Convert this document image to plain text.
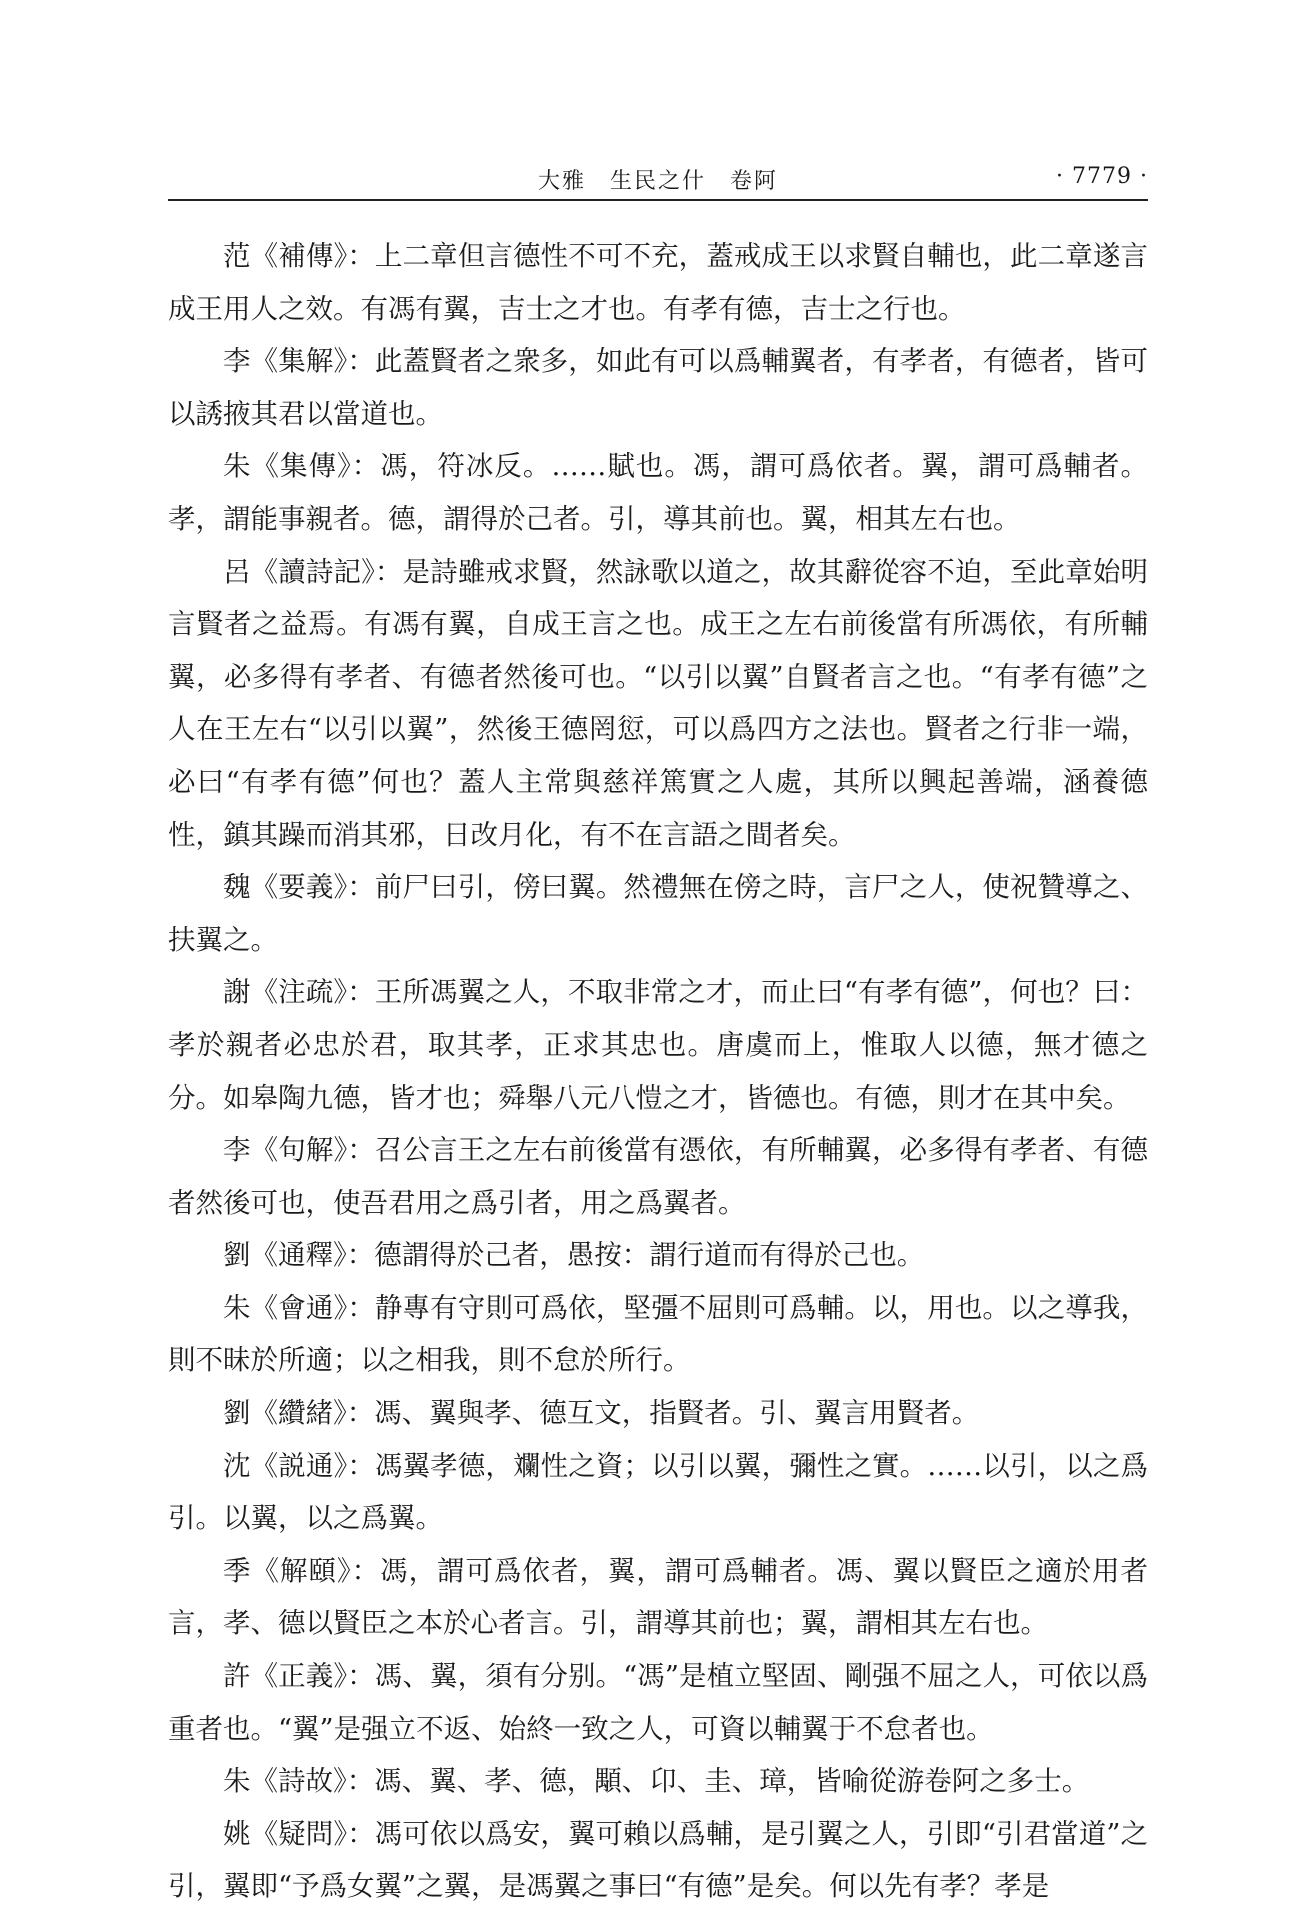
大雅　生民之什　卷阿	· 7779 ·

范《補傳》：上二章但言德性不可不充，蓋戒成王以求賢自輔也，此二章遂言成王用人之效。有馮有翼，吉士之才也。有孝有德，吉士之行也。

李《集解》：此蓋賢者之衆多，如此有可以爲輔翼者，有孝者，有德者，皆可以誘掖其君以當道也。

朱《集傳》：馮，符冰反。……賦也。馮，謂可爲依者。翼，謂可爲輔者。孝，謂能事親者。德，謂得於己者。引，導其前也。翼，相其左右也。

呂《讀詩記》：是詩雖戒求賢，然詠歌以道之，故其辭從容不迫，至此章始明言賢者之益焉。有馮有翼，自成王言之也。成王之左右前後當有所馮依，有所輔翼，必多得有孝者、有德者然後可也。“以引以翼”自賢者言之也。“有孝有德”之人在王左右“以引以翼”，然後王德罔愆，可以爲四方之法也。賢者之行非一端，必曰“有孝有德”何也？蓋人主常與慈祥篤實之人處，其所以興起善端，涵養德性，鎮其躁而消其邪，日改月化，有不在言語之間者矣。

魏《要義》：前尸曰引，傍曰翼。然禮無在傍之時，言尸之人，使祝贊導之、扶翼之。

謝《注疏》：王所馮翼之人，不取非常之才，而止曰“有孝有德”，何也？曰：孝於親者必忠於君，取其孝，正求其忠也。唐虞而上，惟取人以德，無才德之分。如皋陶九德，皆才也；舜舉八元八愷之才，皆德也。有德，則才在其中矣。

李《句解》：召公言王之左右前後當有憑依，有所輔翼，必多得有孝者、有德者然後可也，使吾君用之爲引者，用之爲翼者。

劉《通釋》：德謂得於己者，愚按：謂行道而有得於己也。

朱《會通》：静專有守則可爲依，堅彊不屈則可爲輔。以，用也。以之導我，則不昧於所適；以之相我，則不怠於所行。

劉《纘緒》：馮、翼與孝、德互文，指賢者。引、翼言用賢者。

沈《説通》：馮翼孝德，斕性之資；以引以翼，彌性之實。……以引，以之爲引。以翼，以之爲翼。

季《解頤》：馮，謂可爲依者，翼，謂可爲輔者。馮、翼以賢臣之適於用者言，孝、德以賢臣之本於心者言。引，謂導其前也；翼，謂相其左右也。

許《正義》：馮、翼，須有分别。“馮”是植立堅固、剛强不屈之人，可依以爲重者也。“翼”是强立不返、始終一致之人，可資以輔翼于不怠者也。

朱《詩故》：馮、翼、孝、德，顒、卬、圭、璋，皆喻從游卷阿之多士。

姚《疑問》：馮可依以爲安，翼可賴以爲輔，是引翼之人，引即“引君當道”之引，翼即“予爲女翼”之翼，是馮翼之事曰“有德”是矣。何以先有孝？孝是
